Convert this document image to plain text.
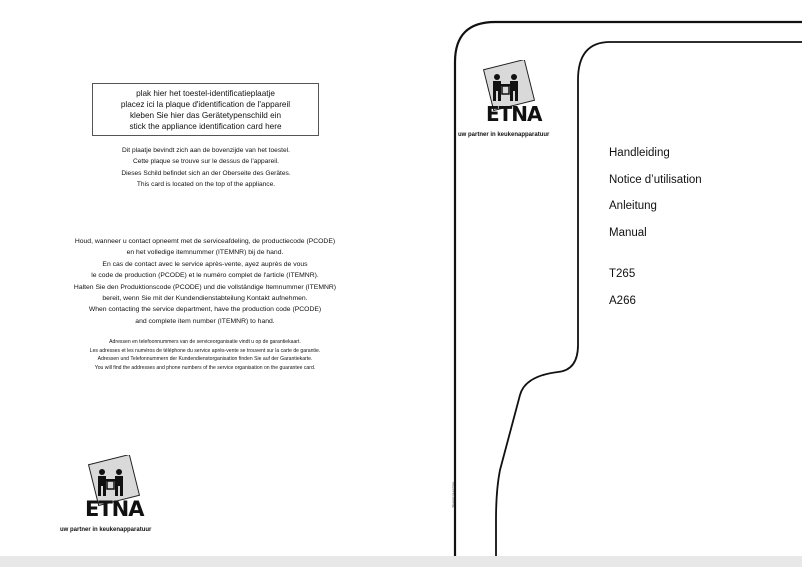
plak hier het toestel-identificatieplaatje
placez ici la plaque d'identification de l'appareil
kleben Sie hier das Gerätetypenschild ein
stick the appliance identification card here
Dit plaatje bevindt zich aan de bovenzijde van het toestel.
Cette plaque se trouve sur le dessus de l'appareil.
Dieses Schild befindet sich an der Oberseite des Gerätes.
This card is located on the top of the appliance.
Houd, wanneer u contact opneemt met de serviceafdeling, de productiecode (PCODE)
en het volledige itemnummer (ITEMNR) bij de hand.
En cas de contact avec le service après-vente, ayez auprès de vous
le code de production (PCODE) et le numéro complet de l'article (ITEMNR).
Halten Sie den Produktionscode (PCODE) und die vollständige Itemnummer (ITEMNR)
bereit, wenn Sie mit der Kundendienstabteilung Kontakt aufnehmen.
When contacting the service department, have the production code (PCODE)
and complete item number (ITEMNR) to hand.
Adressen en telefoonnummers van de serviceorganisatie vindt u op de garantiekaart.
Les adresses et les numéros de téléphone du service après-vente se trouvent sur la carte de garantie.
Adressen und Telefonnummern der Kundendienstorganisation finden Sie auf der Garantiekarte.
You will find the addresses and phone numbers of the service organisation on the guarantee card.
ETNA
uw partner in keukenapparatuur
TB0001546Z00
ETNA
uw partner in keukenapparatuur
Handleiding
Notice d’utilisation
Anleitung
Manual
T265
A266
